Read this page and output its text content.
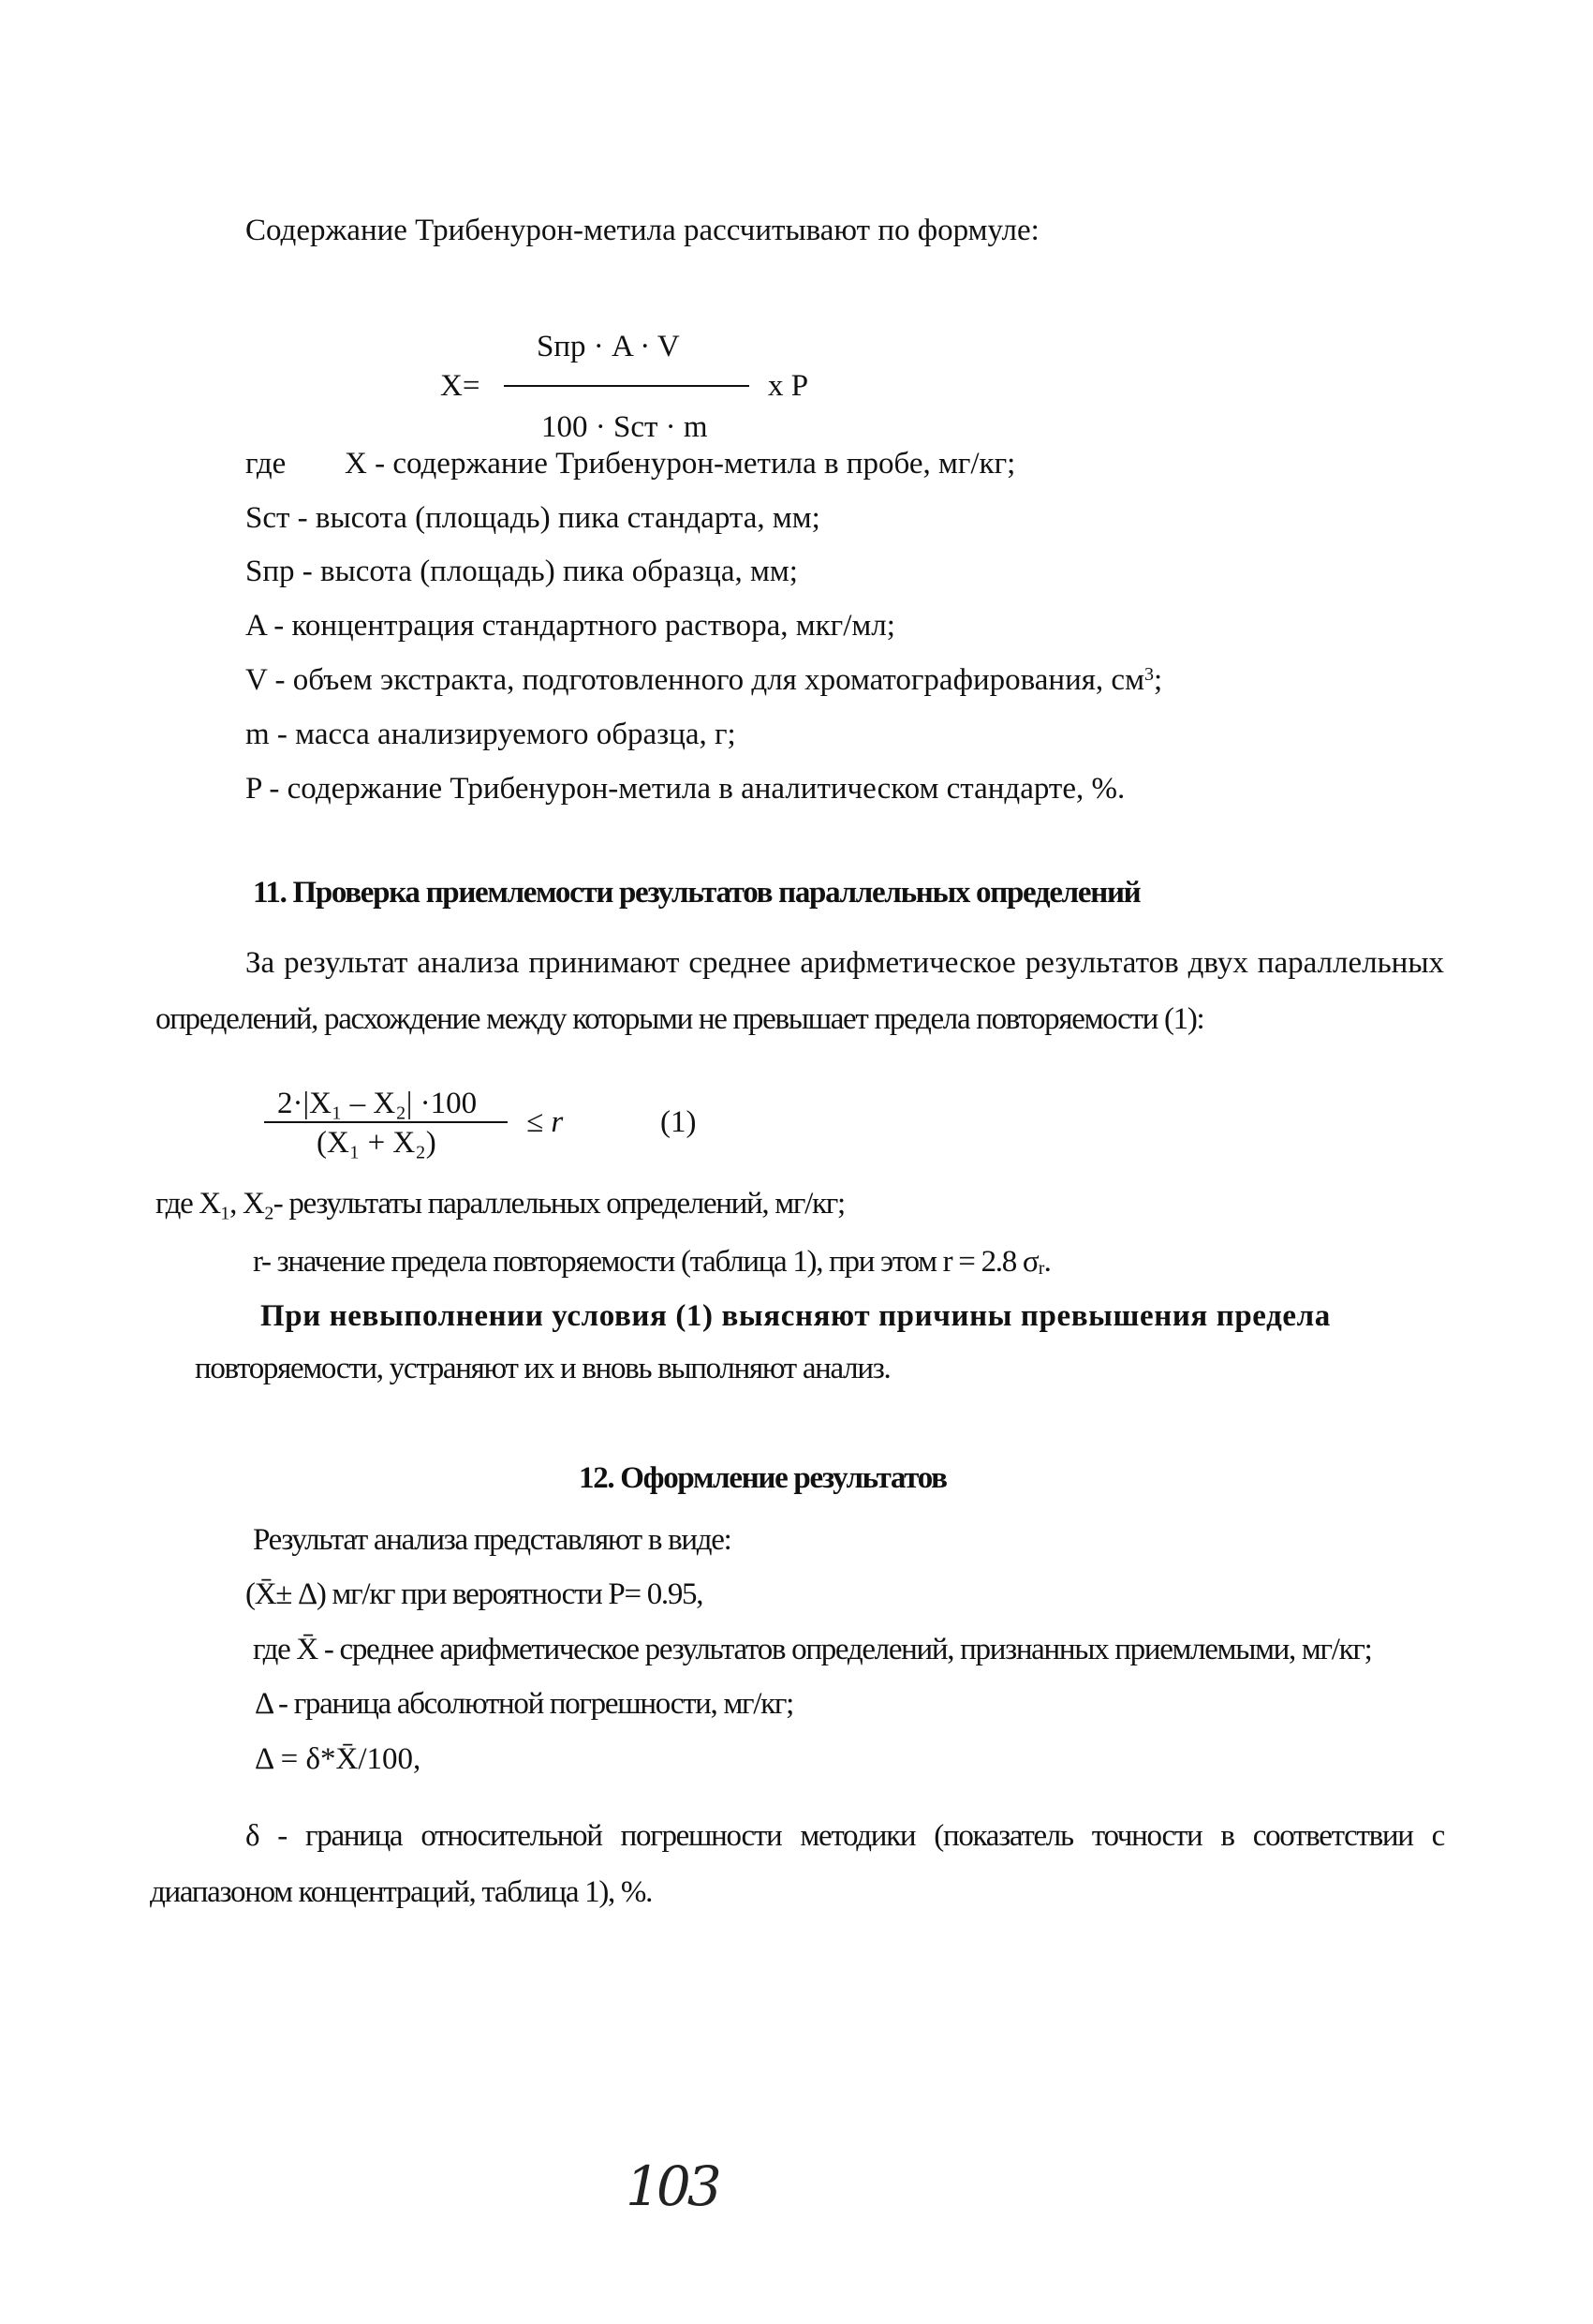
Содержание Трибенурон-метила рассчитывают по формуле:
Sпр · A · V
X=	x P
100 · Sст · m
где X - содержание Трибенурон-метила в пробе, мг/кг;
Sст - высота (площадь) пика стандарта, мм;
Sпр - высота (площадь) пика образца, мм;
A - концентрация стандартного раствора, мкг/мл;
V - объем экстракта, подготовленного для хроматографирования, $см^3$;
m - масса анализируемого образца, г;
P - содержание Трибенурон-метила в аналитическом стандарте, %.
11. Проверка приемлемости результатов параллельных определений
За результат анализа принимают среднее арифметическое результатов двух параллельных
определений, расхождение между которыми не превышает предела повторяемости (1):
2·|X₁ – X₂| ·100
(X₁ + X₂)
≤ r	(1)
где X₁, X₂- результаты параллельных определений, мг/кг;
r- значение предела повторяемости (таблица 1), при этом r = 2.8 σᵣ.
При невыполнении условия (1) выясняют причины превышения предела
повторяемости, устраняют их и вновь выполняют анализ.
12. Оформление результатов
Результат анализа представляют в виде:
(X̄± Δ) мг/кг при вероятности P= 0.95,
где X̄ - среднее арифметическое результатов определений, признанных приемлемыми, мг/кг;
Δ - граница абсолютной погрешности, мг/кг;
Δ = δ*X̄/100,
δ - граница относительной погрешности методики (показатель точности в соответствии с
диапазоном концентраций, таблица 1), %.
103
